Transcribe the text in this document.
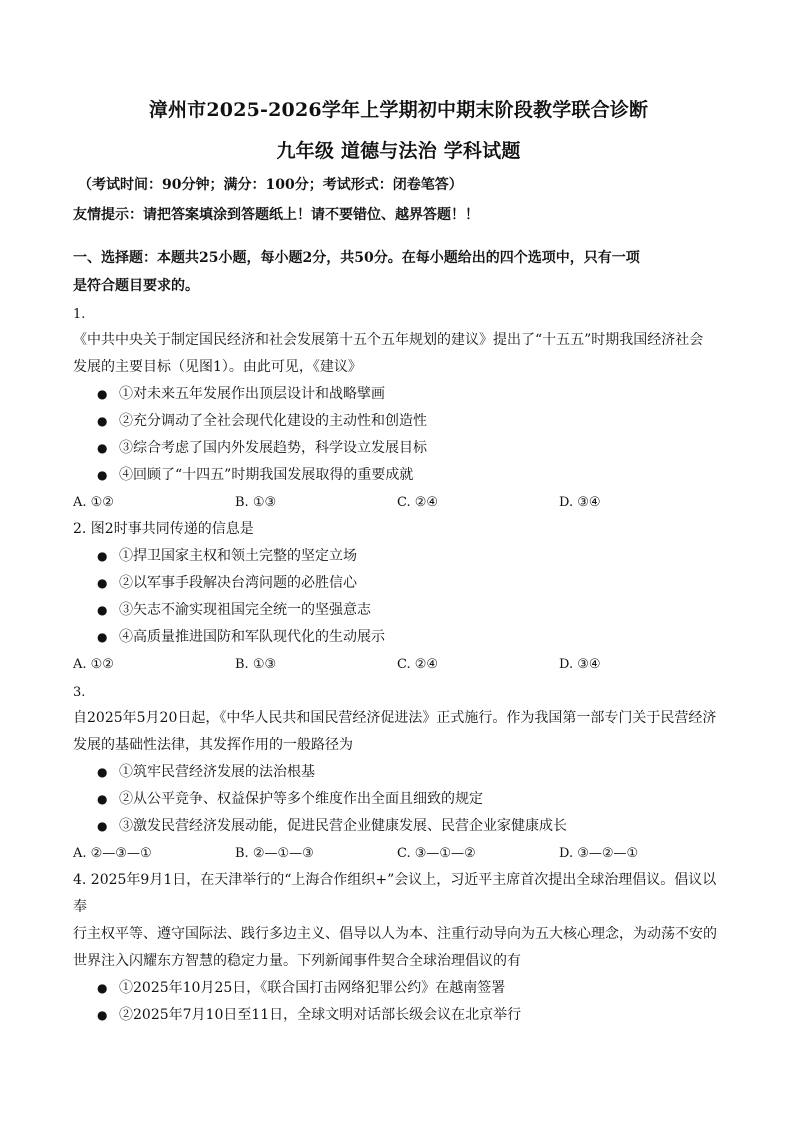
漳州市2025-2026学年上学期初中期末阶段教学联合诊断
九年级 道德与法治 学科试题

（考试时间：90分钟；满分：100分；考试形式：闭卷笔答）

友情提示：请把答案填涂到答题纸上！请不要错位、越界答题！！

一、选择题：本题共25小题，每小题2分，共50分。在每小题给出的四个选项中，只有一项
是符合题目要求的。

1.

《中共中央关于制定国民经济和社会发展第十五个五年规划的建议》提出了“十五五”时期我国经济社会

发展的主要目标（见图1）。由此可见，《建议》

● ①对未来五年发展作出顶层设计和战略擘画
● ②充分调动了全社会现代化建设的主动性和创造性
● ③综合考虑了国内外发展趋势，科学设立发展目标
● ④回顾了“十四五”时期我国发展取得的重要成就
A. ①②	B. ①③	C. ②④	D. ③④

2. 图2时事共同传递的信息是

● ①捍卫国家主权和领土完整的坚定立场
● ②以军事手段解决台湾问题的必胜信心
● ③矢志不渝实现祖国完全统一的坚强意志
● ④高质量推进国防和军队现代化的生动展示
A. ①②	B. ①③	C. ②④	D. ③④

3.

自2025年5月20日起，《中华人民共和国民营经济促进法》正式施行。作为我国第一部专门关于民营经济

发展的基础性法律，其发挥作用的一般路径为

● ①筑牢民营经济发展的法治根基
● ②从公平竞争、权益保护等多个维度作出全面且细致的规定
● ③激发民营经济发展动能，促进民营企业健康发展、民营企业家健康成长
A. ②—③—①	B. ②—①—③	C. ③—①—②	D. ③—②—①

4. 2025年9月1日，在天津举行的“上海合作组织+”会议上，习近平主席首次提出全球治理倡议。倡议以奉

行主权平等、遵守国际法、践行多边主义、倡导以人为本、注重行动导向为五大核心理念，为动荡不安的

世界注入闪耀东方智慧的稳定力量。下列新闻事件契合全球治理倡议的有

● ①2025年10月25日，《联合国打击网络犯罪公约》在越南签署
● ②2025年7月10日至11日，全球文明对话部长级会议在北京举行
